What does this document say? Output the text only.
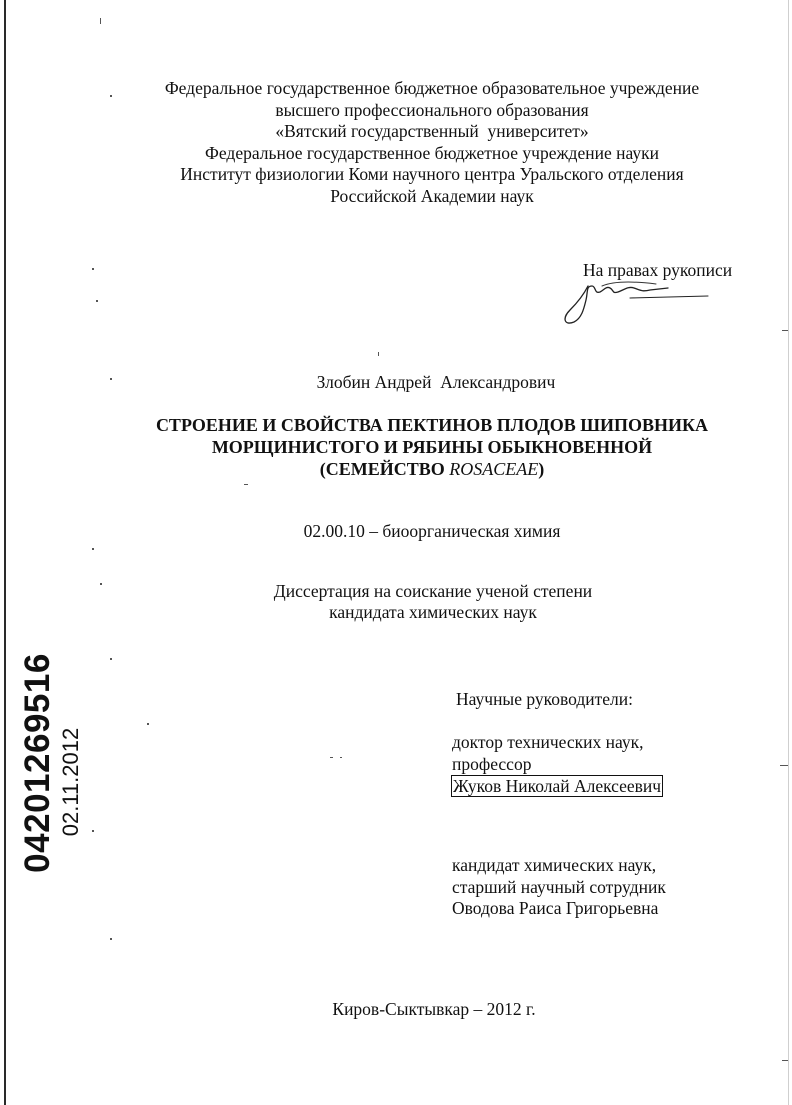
Федеральное государственное бюджетное образовательное учреждение
высшего профессионального образования
«Вятский государственный  университет»
Федеральное государственное бюджетное учреждение науки
Институт физиологии Коми научного центра Уральского отделения
Российской Академии наук
На правах рукописи
Злобин Андрей  Александрович
СТРОЕНИЕ И СВОЙСТВА ПЕКТИНОВ ПЛОДОВ ШИПОВНИКА
МОРЩИНИСТОГО И РЯБИНЫ ОБЫКНОВЕННОЙ
(СЕМЕЙСТВО ROSACEAE)
02.00.10 – биоорганическая химия
Диссертация на соискание ученой степени
кандидата химических наук
Научные руководители:
доктор технических наук,
профессор
Жуков Николай Алексеевич
кандидат химических наук,
старший научный сотрудник
Оводова Раиса Григорьевна
Киров-Сыктывкар – 2012 г.
04201269516 02.11.2012
